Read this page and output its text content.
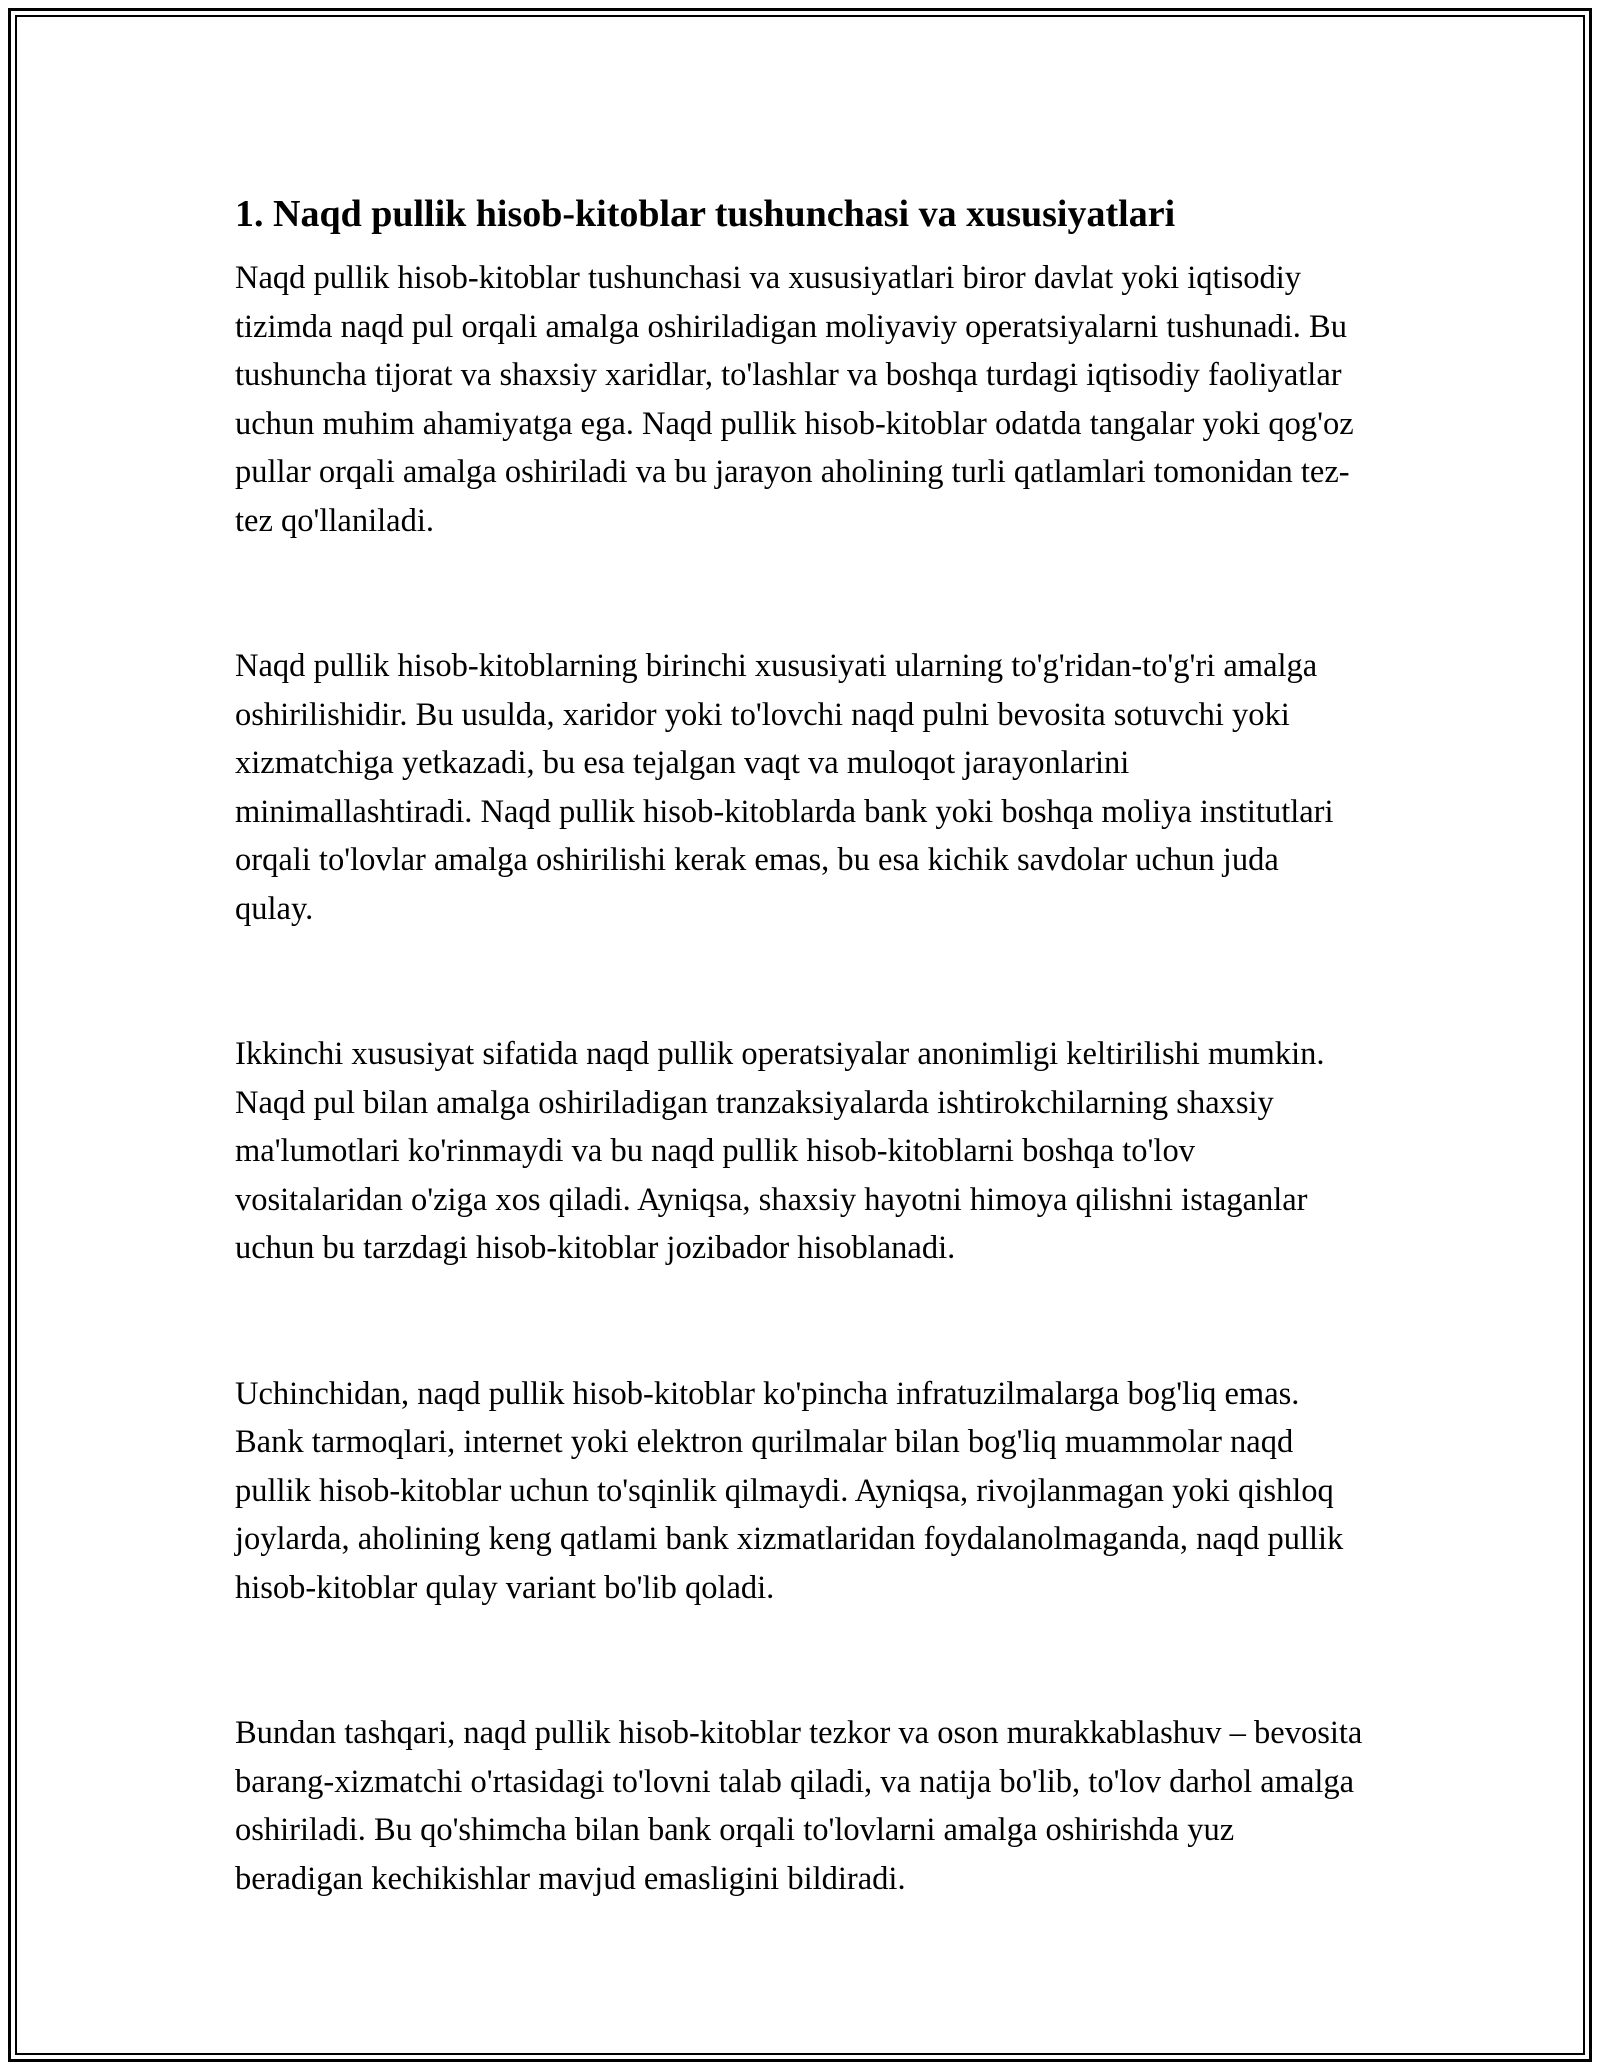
1. Naqd pullik hisob-kitoblar tushunchasi va xususiyatlari

Naqd pullik hisob-kitoblar tushunchasi va xususiyatlari biror davlat yoki iqtisodiy tizimda naqd pul orqali amalga oshiriladigan moliyaviy operatsiyalarni tushunadi. Bu tushuncha tijorat va shaxsiy xaridlar, to'lashlar va boshqa turdagi iqtisodiy faoliyatlar uchun muhim ahamiyatga ega. Naqd pullik hisob-kitoblar odatda tangalar yoki qog'oz pullar orqali amalga oshiriladi va bu jarayon aholining turli qatlamlari tomonidan tez-tez qo'llaniladi.

Naqd pullik hisob-kitoblarning birinchi xususiyati ularning to'g'ridan-to'g'ri amalga oshirilishidir. Bu usulda, xaridor yoki to'lovchi naqd pulni bevosita sotuvchi yoki xizmatchiga yetkazadi, bu esa tejalgan vaqt va muloqot jarayonlarini minimallashtiradi. Naqd pullik hisob-kitoblarda bank yoki boshqa moliya institutlari orqali to'lovlar amalga oshirilishi kerak emas, bu esa kichik savdolar uchun juda qulay.

Ikkinchi xususiyat sifatida naqd pullik operatsiyalar anonimligi keltirilishi mumkin. Naqd pul bilan amalga oshiriladigan tranzaksiyalarda ishtirokchilarning shaxsiy ma'lumotlari ko'rinmaydi va bu naqd pullik hisob-kitoblarni boshqa to'lov vositalaridan o'ziga xos qiladi. Ayniqsa, shaxsiy hayotni himoya qilishni istaganlar uchun bu tarzdagi hisob-kitoblar jozibador hisoblanadi.

Uchinchidan, naqd pullik hisob-kitoblar ko'pincha infratuzilmalarga bog'liq emas. Bank tarmoqlari, internet yoki elektron qurilmalar bilan bog'liq muammolar naqd pullik hisob-kitoblar uchun to'sqinlik qilmaydi. Ayniqsa, rivojlanmagan yoki qishloq joylarda, aholining keng qatlami bank xizmatlaridan foydalanolmaganda, naqd pullik hisob-kitoblar qulay variant bo'lib qoladi.

Bundan tashqari, naqd pullik hisob-kitoblar tezkor va oson murakkablashuv – bevosita barang-xizmatchi o'rtasidagi to'lovni talab qiladi, va natija bo'lib, to'lov darhol amalga oshiriladi. Bu qo'shimcha bilan bank orqali to'lovlarni amalga oshirishda yuz beradigan kechikishlar mavjud emasligini bildiradi.
